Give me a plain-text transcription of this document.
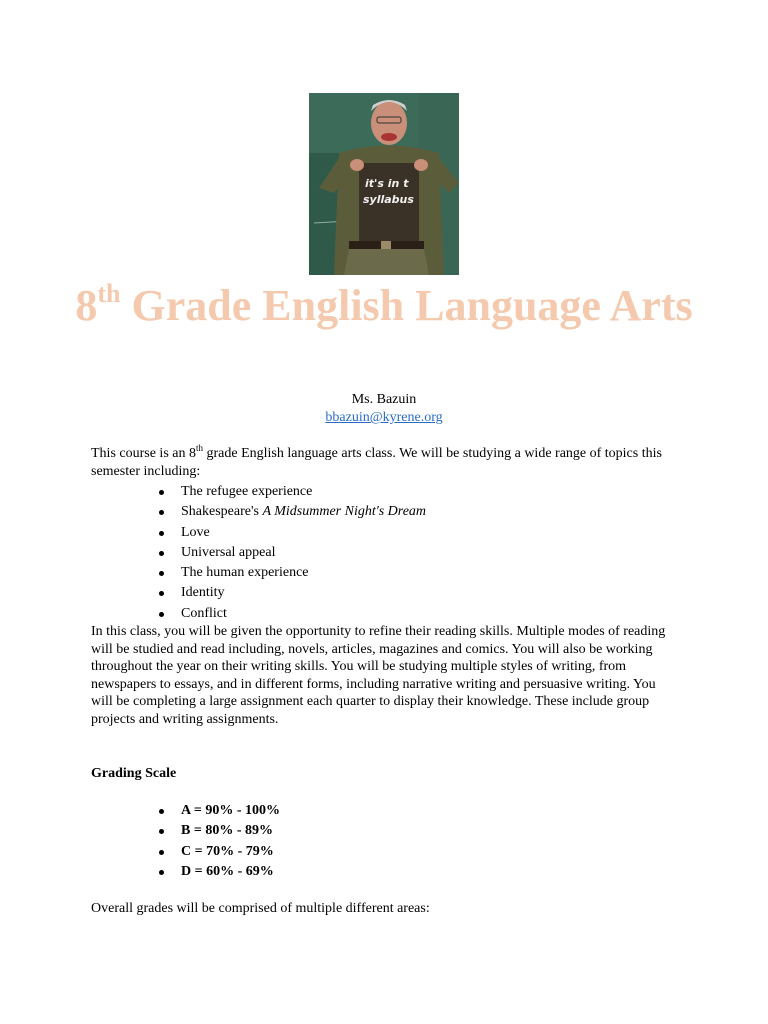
it's in t
syllabus
8th Grade English Language Arts
Ms. Bazuin
bbazuin@kyrene.org

This course is an 8th grade English language arts class. We will be studying a wide range of topics this semester including:

The refugee experience
Shakespeare's A Midsummer Night's Dream
Love
Universal appeal
The human experience
Identity
Conflict

In this class, you will be given the opportunity to refine their reading skills. Multiple modes of reading will be studied and read including, novels, articles, magazines and comics. You will also be working throughout the year on their writing skills. You will be studying multiple styles of writing, from newspapers to essays, and in different forms, including narrative writing and persuasive writing. You will be completing a large assignment each quarter to display their knowledge. These include group projects and writing assignments.

Grading Scale
A = 90% - 100%
B = 80% - 89%
C = 70% - 79%
D = 60% - 69%
Overall grades will be comprised of multiple different areas:
